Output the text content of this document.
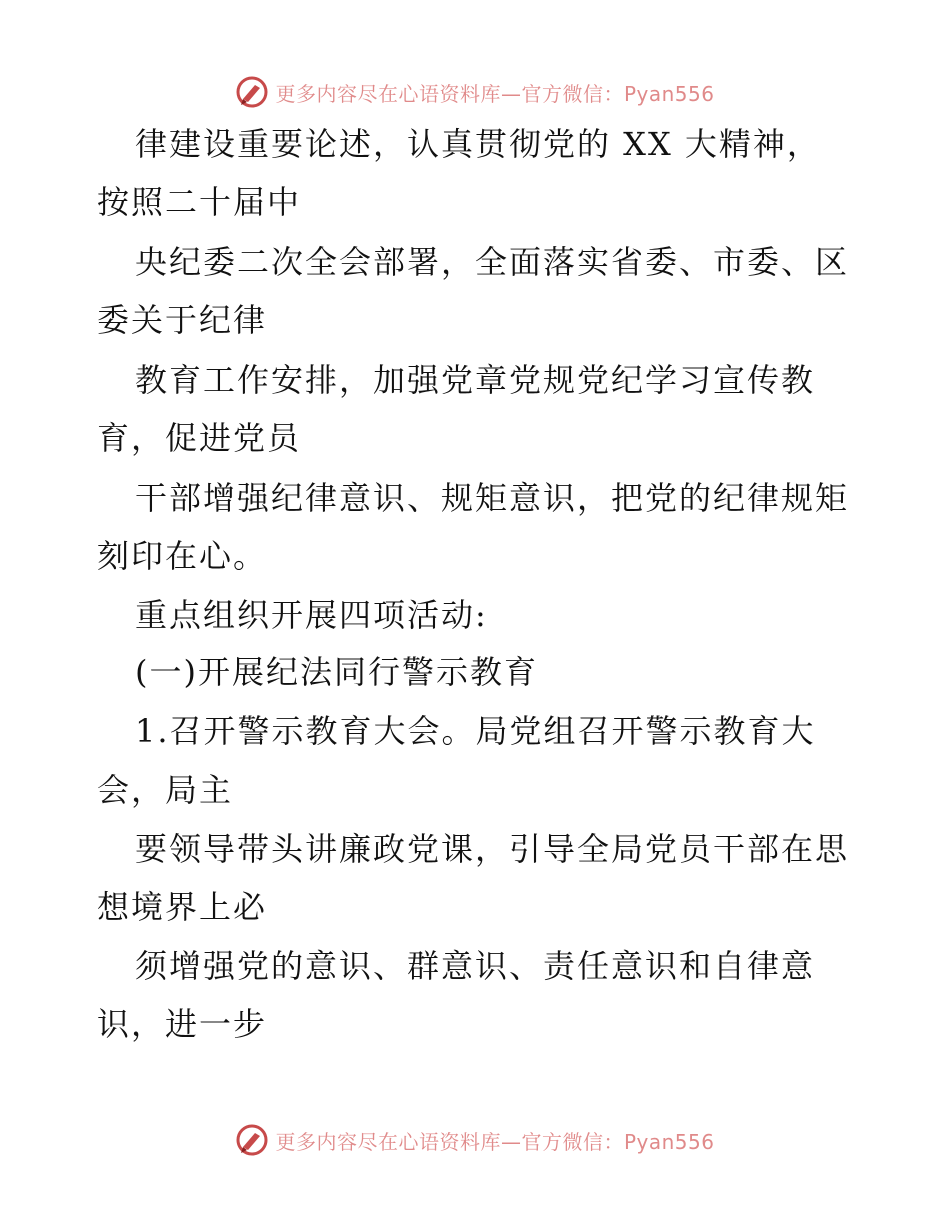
更多内容尽在心语资料库—官方微信：Pyan556
律建设重要论述，认真贯彻党的 XX 大精神，
按照二十届中
央纪委二次全会部署，全面落实省委、市委、区
委关于纪律
教育工作安排，加强党章党规党纪学习宣传教
育，促进党员
干部增强纪律意识、规矩意识，把党的纪律规矩
刻印在心。
重点组织开展四项活动:
(一)开展纪法同行警示教育
1.召开警示教育大会。局党组召开警示教育大
会，局主
要领导带头讲廉政党课，引导全局党员干部在思
想境界上必
须增强党的意识、群意识、责任意识和自律意
识，进一步
更多内容尽在心语资料库—官方微信：Pyan556
